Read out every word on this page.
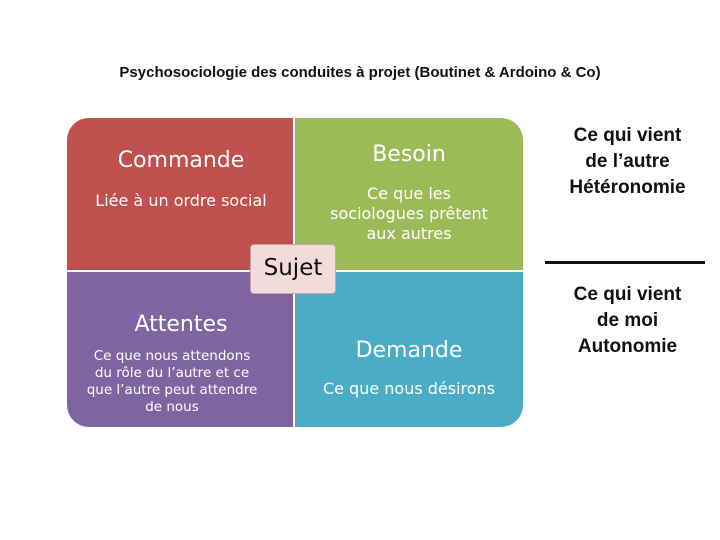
Psychosociologie des conduites à projet (Boutinet & Ardoino & Co)
Commande
Liée à un ordre social
Besoin
Ce que les
sociologues prêtent
aux autres
Attentes
Ce que nous attendons
du rôle du l’autre et ce
que l’autre peut attendre
de nous
Demande
Ce que nous désirons
Sujet
Ce qui vient
de l’autre
Hétéronomie
Ce qui vient
de moi
Autonomie
